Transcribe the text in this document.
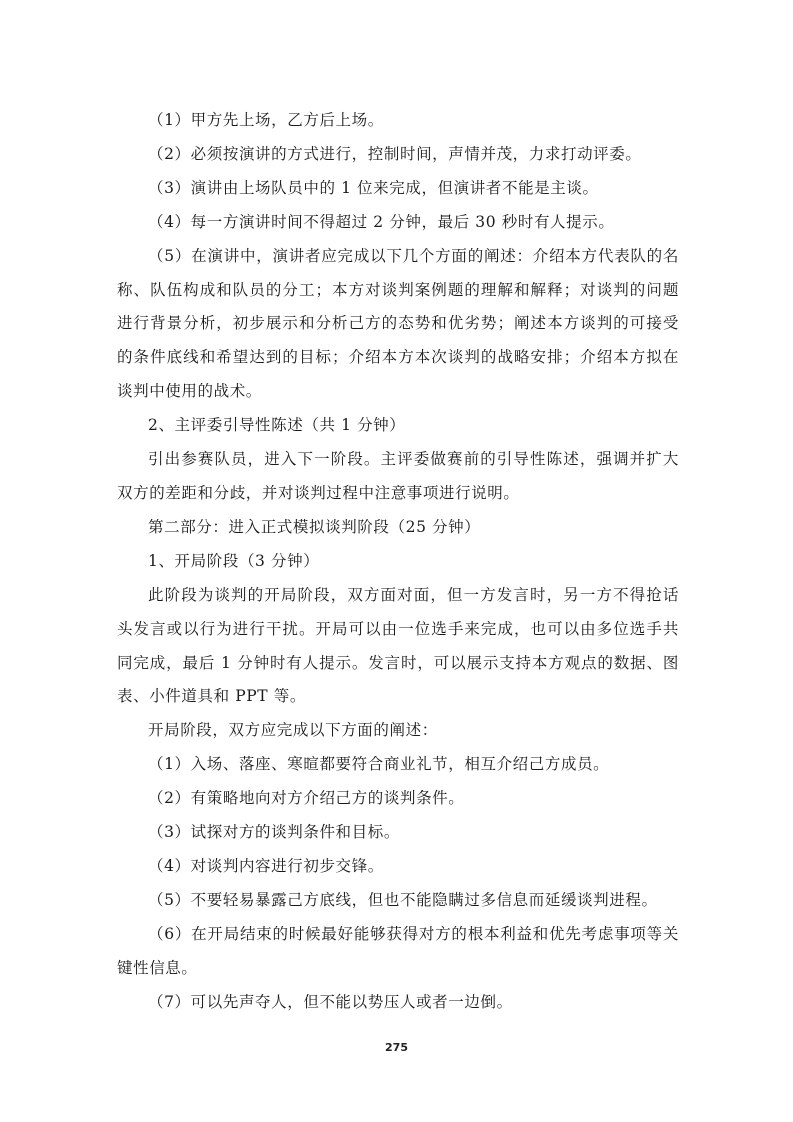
（1）甲方先上场，乙方后上场。

（2）必须按演讲的方式进行，控制时间，声情并茂，力求打动评委。

（3）演讲由上场队员中的 1 位来完成，但演讲者不能是主谈。

（4）每一方演讲时间不得超过 2 分钟，最后 30 秒时有人提示。

（5）在演讲中，演讲者应完成以下几个方面的阐述：介绍本方代表队的名称、队伍构成和队员的分工；本方对谈判案例题的理解和解释；对谈判的问题进行背景分析，初步展示和分析己方的态势和优劣势；阐述本方谈判的可接受的条件底线和希望达到的目标；介绍本方本次谈判的战略安排；介绍本方拟在谈判中使用的战术。

2、主评委引导性陈述（共 1 分钟）

引出参赛队员，进入下一阶段。主评委做赛前的引导性陈述，强调并扩大双方的差距和分歧，并对谈判过程中注意事项进行说明。

第二部分：进入正式模拟谈判阶段（25 分钟）

1、开局阶段（3 分钟）

此阶段为谈判的开局阶段，双方面对面，但一方发言时，另一方不得抢话头发言或以行为进行干扰。开局可以由一位选手来完成，也可以由多位选手共同完成，最后 1 分钟时有人提示。发言时，可以展示支持本方观点的数据、图表、小件道具和 PPT 等。

开局阶段，双方应完成以下方面的阐述：

（1）入场、落座、寒暄都要符合商业礼节，相互介绍己方成员。

（2）有策略地向对方介绍己方的谈判条件。

（3）试探对方的谈判条件和目标。

（4）对谈判内容进行初步交锋。

（5）不要轻易暴露己方底线，但也不能隐瞒过多信息而延缓谈判进程。

（6）在开局结束的时候最好能够获得对方的根本利益和优先考虑事项等关键性信息。

（7）可以先声夺人，但不能以势压人或者一边倒。

275
